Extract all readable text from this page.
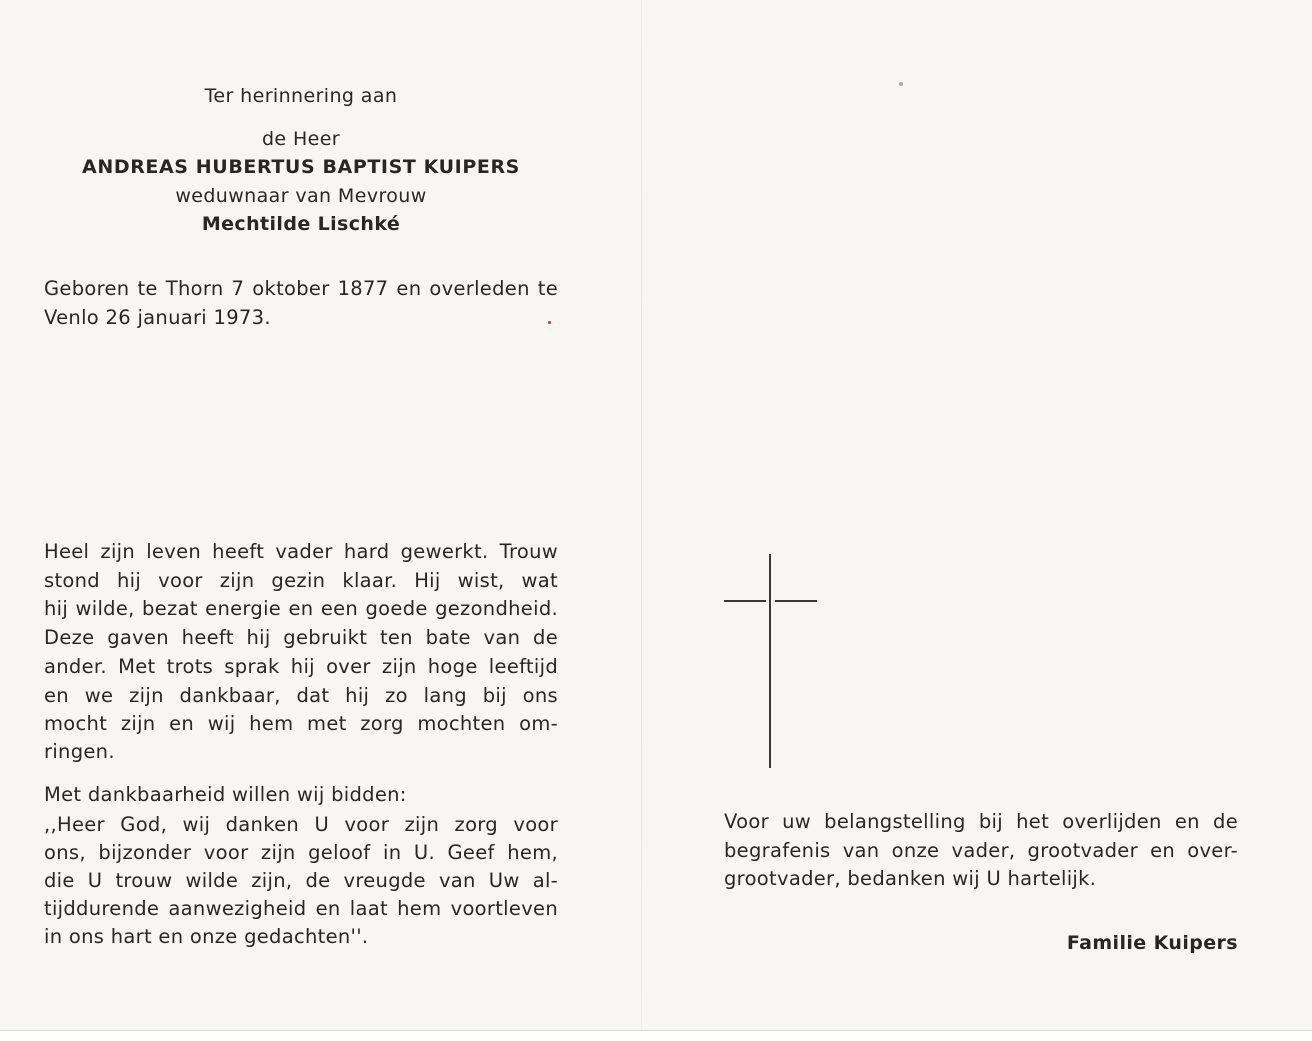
Ter herinnering aan
de Heer
ANDREAS HUBERTUS BAPTIST KUIPERS
weduwnaar van Mevrouw
Mechtilde Lischké
Geboren te Thorn 7 oktober 1877 en overleden te
Venlo 26 januari 1973.
Heel zijn leven heeft vader hard gewerkt. Trouw
stond hij voor zijn gezin klaar. Hij wist, wat
hij wilde, bezat energie en een goede gezondheid.
Deze gaven heeft hij gebruikt ten bate van de
ander. Met trots sprak hij over zijn hoge leeftijd
en we zijn dankbaar, dat hij zo lang bij ons
mocht zijn en wij hem met zorg mochten om-
ringen.
Met dankbaarheid willen wij bidden:
,,Heer God, wij danken U voor zijn zorg voor
ons, bijzonder voor zijn geloof in U. Geef hem,
die U trouw wilde zijn, de vreugde van Uw al-
tijddurende aanwezigheid en laat hem voortleven
in ons hart en onze gedachten''.
Voor uw belangstelling bij het overlijden en de
begrafenis van onze vader, grootvader en over-
grootvader, bedanken wij U hartelijk.
Familie Kuipers
